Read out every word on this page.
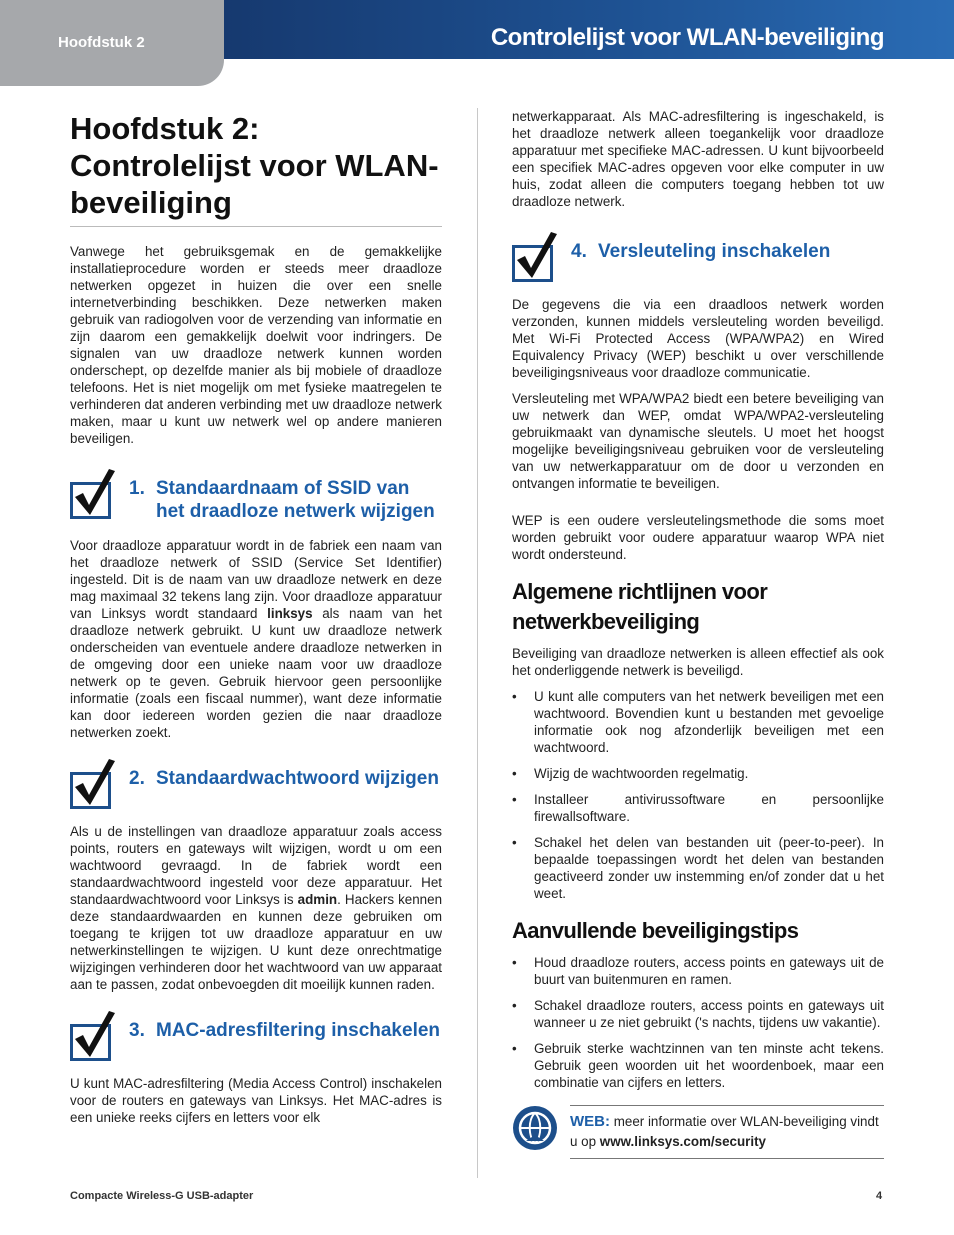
Hoofdstuk 2	Controlelijst voor WLAN-beveiliging
Hoofdstuk 2:
Controlelijst voor WLAN-
beveiliging

Vanwege het gebruiksgemak en de gemakkelijke installatieprocedure worden er steeds meer draadloze netwerken opgezet in huizen die over een snelle internetverbinding beschikken. Deze netwerken maken gebruik van radiogolven voor de verzending van informatie en zijn daarom een gemakkelijk doelwit voor indringers. De signalen van uw draadloze netwerk kunnen worden onderschept, op dezelfde manier als bij mobiele of draadloze telefoons. Het is niet mogelijk om met fysieke maatregelen te verhinderen dat anderen verbinding met uw draadloze netwerk maken, maar u kunt uw netwerk wel op andere manieren beveiligen.

1. Standaardnaam of SSID van het draadloze netwerk wijzigen

Voor draadloze apparatuur wordt in de fabriek een naam van het draadloze netwerk of SSID (Service Set Identifier) ingesteld. Dit is de naam van uw draadloze netwerk en deze mag maximaal 32 tekens lang zijn. Voor draadloze apparatuur van Linksys wordt standaard linksys als naam van het draadloze netwerk gebruikt. U kunt uw draadloze netwerk onderscheiden van eventuele andere draadloze netwerken in de omgeving door een unieke naam voor uw draadloze netwerk op te geven. Gebruik hiervoor geen persoonlijke informatie (zoals een fiscaal nummer), want deze informatie kan door iedereen worden gezien die naar draadloze netwerken zoekt.

2. Standaardwachtwoord wijzigen

Als u de instellingen van draadloze apparatuur zoals access points, routers en gateways wilt wijzigen, wordt u om een wachtwoord gevraagd. In de fabriek wordt een standaardwachtwoord ingesteld voor deze apparatuur. Het standaardwachtwoord voor Linksys is admin. Hackers kennen deze standaardwaarden en kunnen deze gebruiken om toegang te krijgen tot uw draadloze apparatuur en uw netwerkinstellingen te wijzigen. U kunt deze onrechtmatige wijzigingen verhinderen door het wachtwoord van uw apparaat aan te passen, zodat onbevoegden dit moeilijk kunnen raden.

3. MAC-adresfiltering inschakelen

U kunt MAC-adresfiltering (Media Access Control) inschakelen voor de routers en gateways van Linksys. Het MAC-adres is een unieke reeks cijfers en letters voor elk

netwerkapparaat. Als MAC-adresfiltering is ingeschakeld, is het draadloze netwerk alleen toegankelijk voor draadloze apparatuur met specifieke MAC-adressen. U kunt bijvoorbeeld een specifiek MAC-adres opgeven voor elke computer in uw huis, zodat alleen die computers toegang hebben tot uw draadloze netwerk.

4. Versleuteling inschakelen

De gegevens die via een draadloos netwerk worden verzonden, kunnen middels versleuteling worden beveiligd. Met Wi-Fi Protected Access (WPA/WPA2) en Wired Equivalency Privacy (WEP) beschikt u over verschillende beveiligingsniveaus voor draadloze communicatie.

Versleuteling met WPA/WPA2 biedt een betere beveiliging van uw netwerk dan WEP, omdat WPA/WPA2-versleuteling gebruikmaakt van dynamische sleutels. U moet het hoogst mogelijke beveiligingsniveau gebruiken voor de versleuteling van uw netwerkapparatuur om de door u verzonden en ontvangen informatie te beveiligen.

WEP is een oudere versleutelingsmethode die soms moet worden gebruikt voor oudere apparatuur waarop WPA niet wordt ondersteund.

Algemene richtlijnen voor netwerkbeveiliging

Beveiliging van draadloze netwerken is alleen effectief als ook het onderliggende netwerk is beveiligd.

• U kunt alle computers van het netwerk beveiligen met een wachtwoord. Bovendien kunt u bestanden met gevoelige informatie ook nog afzonderlijk beveiligen met een wachtwoord.
• Wijzig de wachtwoorden regelmatig.
• Installeer antivirussoftware en persoonlijke firewallsoftware.
• Schakel het delen van bestanden uit (peer-to-peer). In bepaalde toepassingen wordt het delen van bestanden geactiveerd zonder uw instemming en/of zonder dat u het weet.
Aanvullende beveiligingstips
• Houd draadloze routers, access points en gateways uit de buurt van buitenmuren en ramen.
• Schakel draadloze routers, access points en gateways uit wanneer u ze niet gebruikt ('s nachts, tijdens uw vakantie).
• Gebruik sterke wachtzinnen van ten minste acht tekens. Gebruik geen woorden uit het woordenboek, maar een combinatie van cijfers en letters.
WEB: meer informatie over WLAN-beveiliging vindt u op www.linksys.com/security
Compacte Wireless-G USB-adapter	4
